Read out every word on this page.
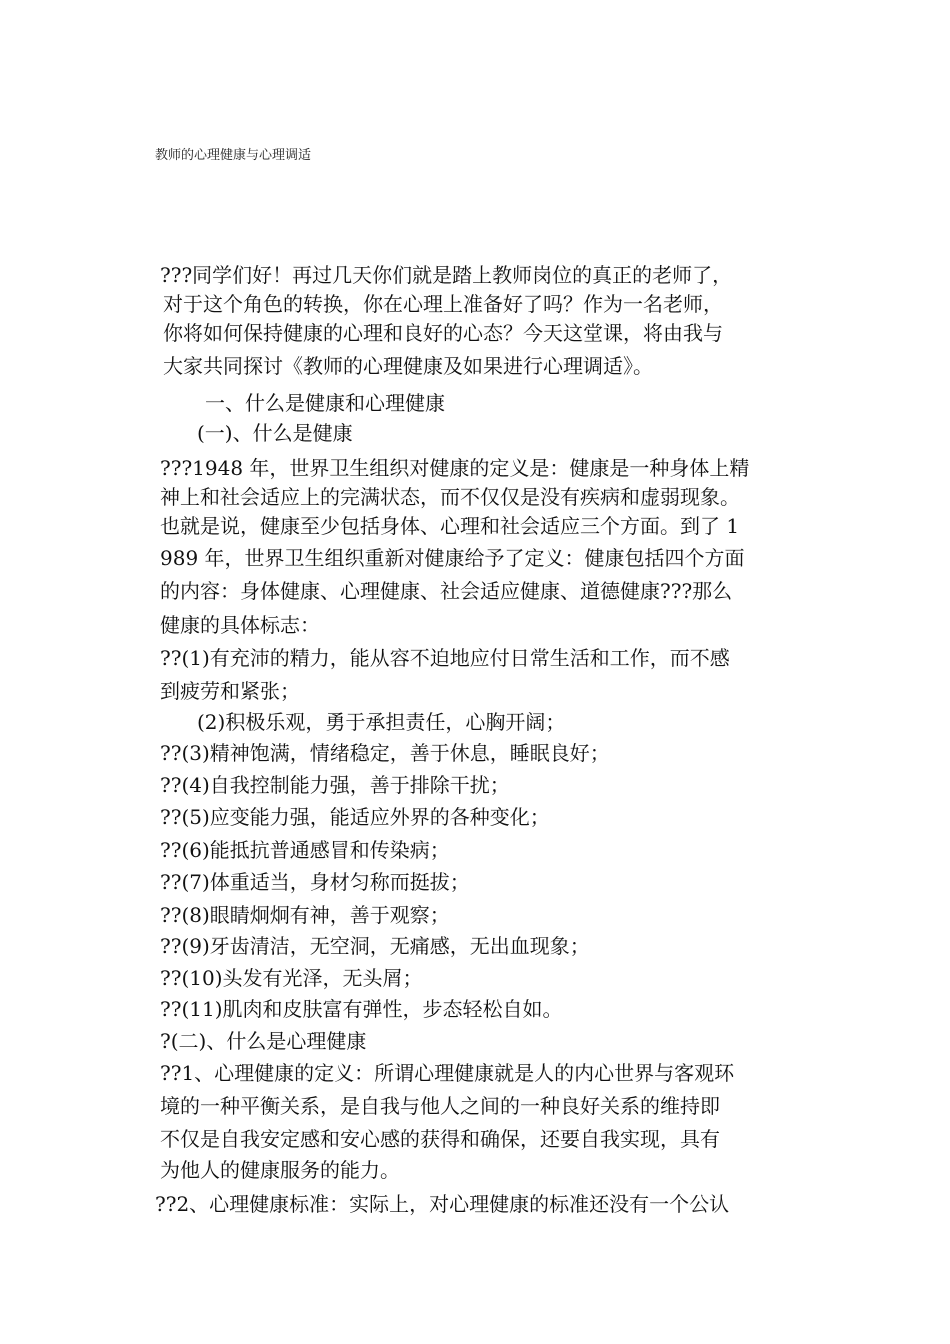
教师的心理健康与心理调适
???同学们好！再过几天你们就是踏上教师岗位的真正的老师了，
对于这个角色的转换，你在心理上准备好了吗？作为一名老师，
你将如何保持健康的心理和良好的心态？今天这堂课，将由我与
大家共同探讨《教师的心理健康及如果进行心理调适》。
一、什么是健康和心理健康
(一)、什么是健康
???1948 年，世界卫生组织对健康的定义是：健康是一种身体上精
神上和社会适应上的完满状态，而不仅仅是没有疾病和虚弱现象。
也就是说，健康至少包括身体、心理和社会适应三个方面。到了 1
989 年，世界卫生组织重新对健康给予了定义：健康包括四个方面
的内容：身体健康、心理健康、社会适应健康、道德健康???那么
健康的具体标志：
??(1)有充沛的精力，能从容不迫地应付日常生活和工作，而不感
到疲劳和紧张；
(2)积极乐观，勇于承担责任，心胸开阔；
??(3)精神饱满，情绪稳定，善于休息，睡眠良好；
??(4)自我控制能力强，善于排除干扰；
??(5)应变能力强，能适应外界的各种变化；
??(6)能抵抗普通感冒和传染病；
??(7)体重适当，身材匀称而挺拔；
??(8)眼睛炯炯有神，善于观察；
??(9)牙齿清洁，无空洞，无痛感，无出血现象；
??(10)头发有光泽，无头屑；
??(11)肌肉和皮肤富有弹性，步态轻松自如。
?(二)、什么是心理健康
??1、心理健康的定义：所谓心理健康就是人的内心世界与客观环
境的一种平衡关系，是自我与他人之间的一种良好关系的维持即
不仅是自我安定感和安心感的获得和确保，还要自我实现，具有
为他人的健康服务的能力。
??2、心理健康标准：实际上，对心理健康的标准还没有一个公认
